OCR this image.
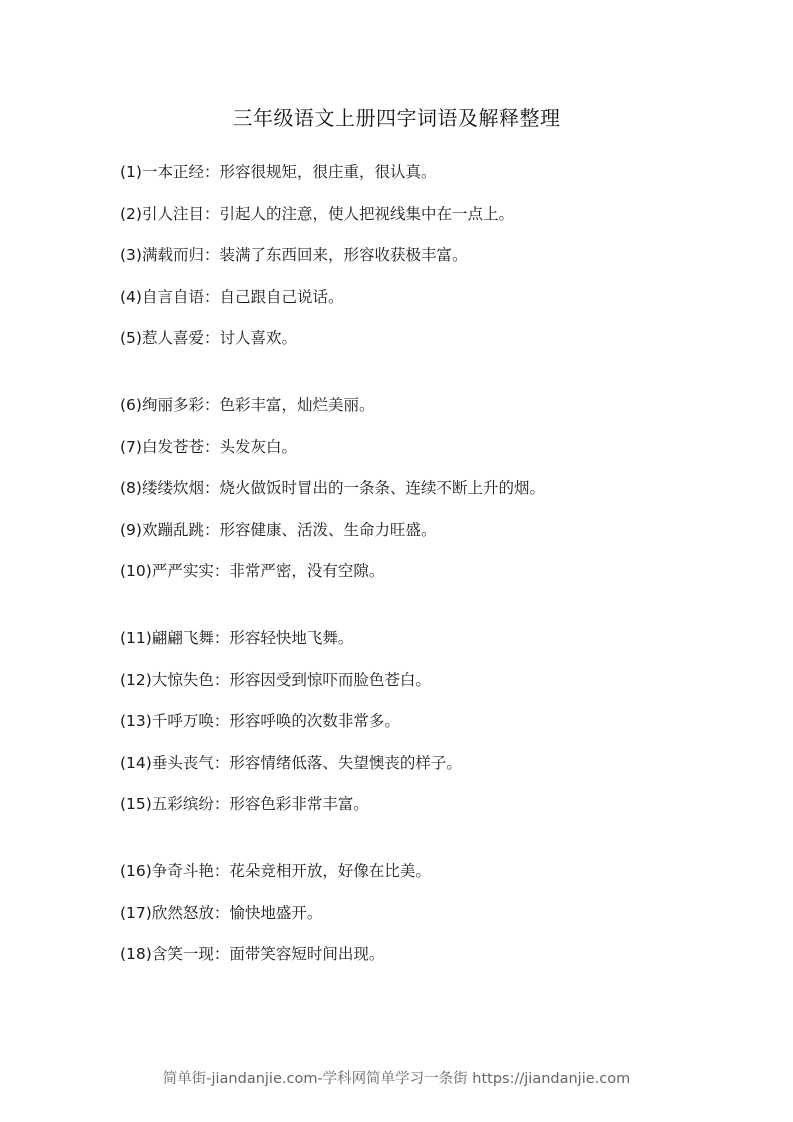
三年级语文上册四字词语及解释整理
(1)一本正经：形容很规矩，很庄重，很认真。
(2)引人注目：引起人的注意，使人把视线集中在一点上。
(3)满载而归：装满了东西回来，形容收获极丰富。
(4)自言自语：自己跟自己说话。
(5)惹人喜爱：讨人喜欢。
(6)绚丽多彩：色彩丰富，灿烂美丽。
(7)白发苍苍：头发灰白。
(8)缕缕炊烟：烧火做饭时冒出的一条条、连续不断上升的烟。
(9)欢蹦乱跳：形容健康、活泼、生命力旺盛。
(10)严严实实：非常严密，没有空隙。
(11)翩翩飞舞：形容轻快地飞舞。
(12)大惊失色：形容因受到惊吓而脸色苍白。
(13)千呼万唤：形容呼唤的次数非常多。
(14)垂头丧气：形容情绪低落、失望懊丧的样子。
(15)五彩缤纷：形容色彩非常丰富。
(16)争奇斗艳：花朵竞相开放，好像在比美。
(17)欣然怒放：愉快地盛开。
(18)含笑一现：面带笑容短时间出现。
简单街-jiandanjie.com-学科网简单学习一条街 https://jiandanjie.com
